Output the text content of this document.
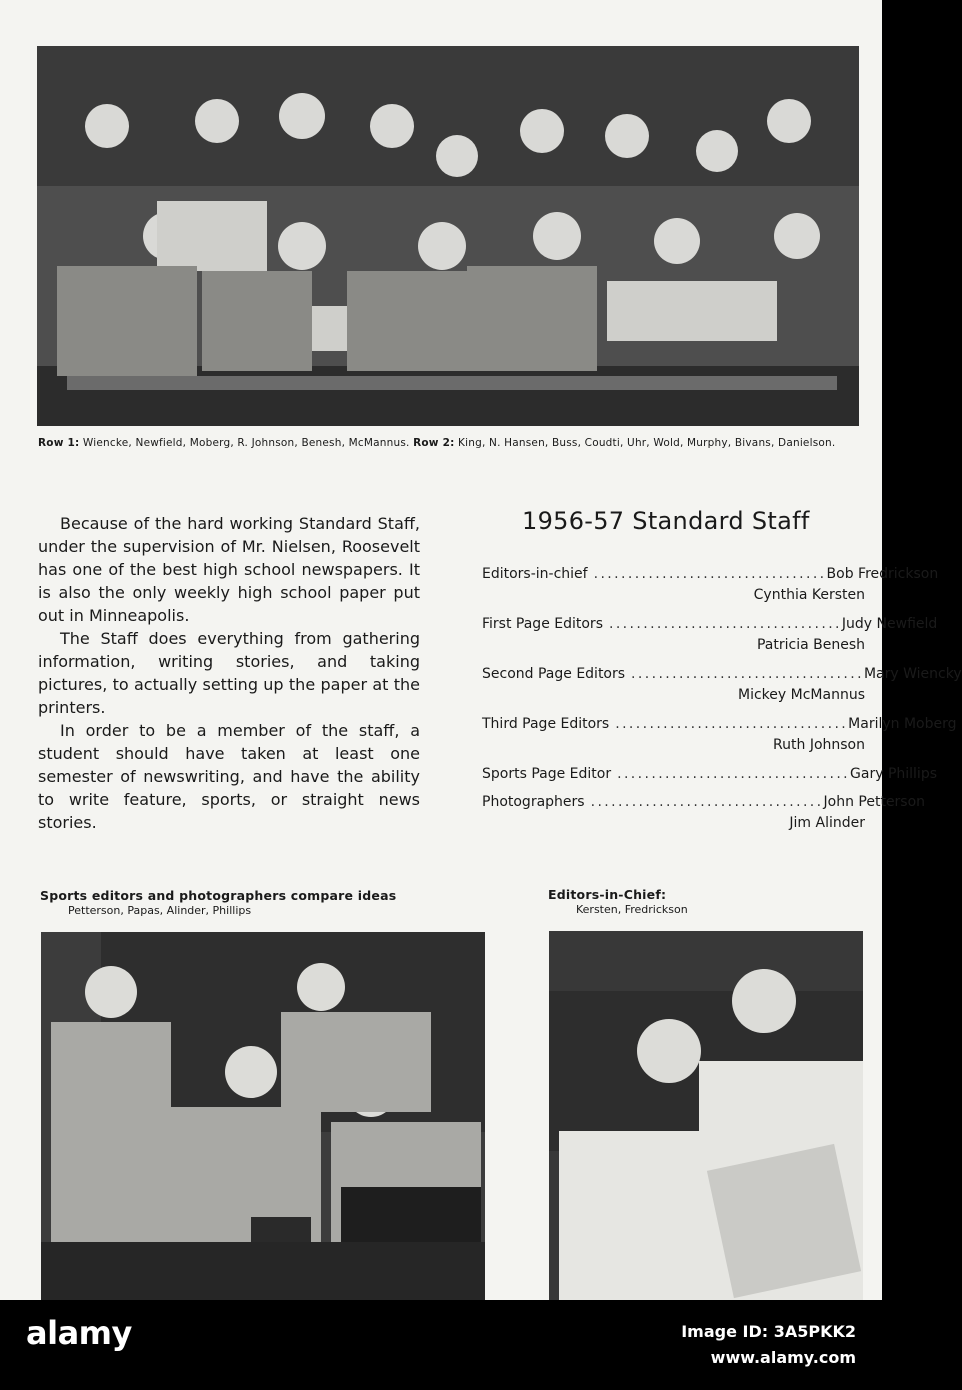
Row 1: Wiencke, Newfield, Moberg, R. Johnson, Benesh, McMannus. Row 2: King, N. Hansen, Buss, Coudti, Uhr, Wold, Murphy, Bivans, Danielson.

Because of the hard working Standard Staff, under the supervision of Mr. Nielsen, Roosevelt has one of the best high school newspapers. It is also the only weekly high school paper put out in Minneapolis.

The Staff does everything from gathering information, writing stories, and taking pictures, to actually setting up the paper at the printers.

In order to be a member of the staff, a student should have taken at least one semester of newswriting, and have the ability to write feature, sports, or straight news stories.

1956-57 Standard Staff
Editors-in-chief .................................. Bob Fredrickson
Cynthia Kersten
First Page Editors .................................. Judy Newfield
Patricia Benesh
Second Page Editors .................................. Mary Wiencky
Mickey McMannus
Third Page Editors .................................. Marilyn Moberg
Ruth Johnson
Sports Page Editor .................................. Gary Phillips
Photographers .................................. John Petterson
Jim Alinder
Sports editors and photographers compare ideas
Petterson, Papas, Alinder, Phillips
Editors-in-Chief:
Kersten, Fredrickson
alamy	Image ID: 3A5PKK2
www.alamy.com
